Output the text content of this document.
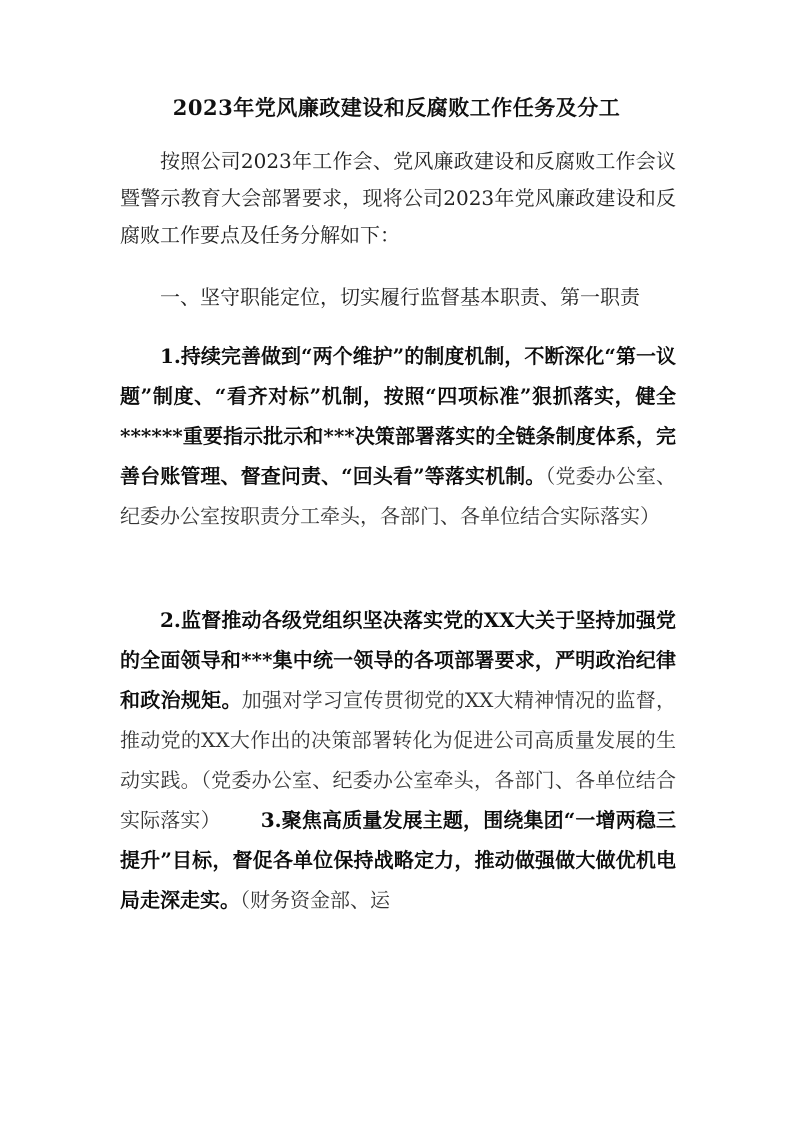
2023年党风廉政建设和反腐败工作任务及分工

按照公司2023年工作会、党风廉政建设和反腐败工作会议暨警示教育大会部署要求，现将公司2023年党风廉政建设和反腐败工作要点及任务分解如下：

一、坚守职能定位，切实履行监督基本职责、第一职责

1.持续完善做到“两个维护”的制度机制，不断深化“第一议题”制度、“看齐对标”机制，按照“四项标准”狠抓落实，健全******重要指示批示和***决策部署落实的全链条制度体系，完善台账管理、督查问责、“回头看”等落实机制。（党委办公室、纪委办公室按职责分工牵头，各部门、各单位结合实际落实）

2.监督推动各级党组织坚决落实党的XX大关于坚持加强党的全面领导和***集中统一领导的各项部署要求，严明政治纪律和政治规矩。加强对学习宣传贯彻党的XX大精神情况的监督，推动党的XX大作出的决策部署转化为促进公司高质量发展的生动实践。（党委办公室、纪委办公室牵头，各部门、各单位结合实际落实）   3.聚焦高质量发展主题，围绕集团“一增两稳三提升”目标，督促各单位保持战略定力，推动做强做大做优机电局走深走实。（财务资金部、运
